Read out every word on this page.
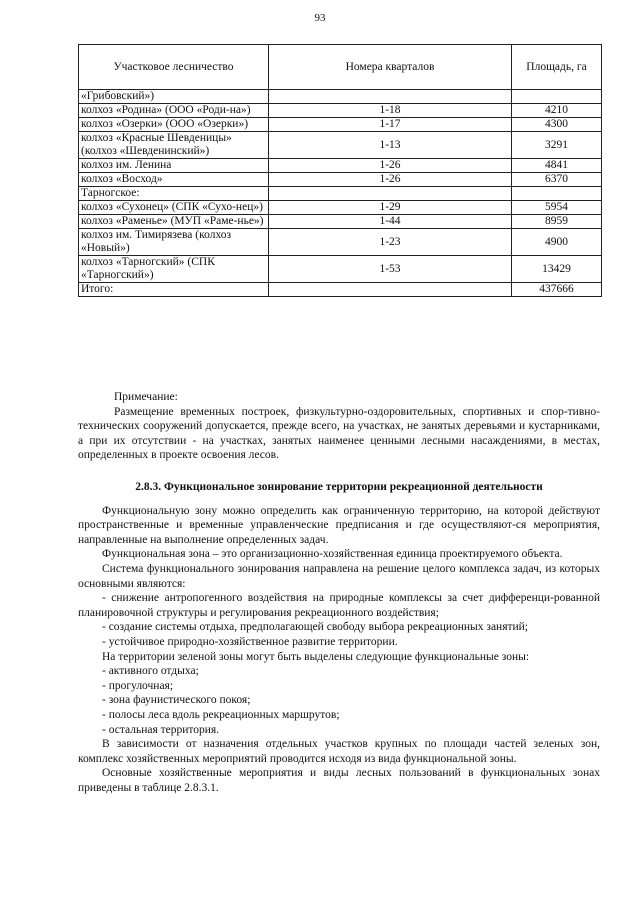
93
Участковое лесничество	Номера кварталов	Площадь, га
«Грибовский»)		
колхоз «Родина» (ООО «Роди-на»)	1-18	4210
колхоз «Озерки» (ООО «Озерки»)	1-17	4300
колхоз «Красные Шевденицы» (колхоз «Шевденинский»)	1-13	3291
колхоз им. Ленина	1-26	4841
колхоз «Восход»	1-26	6370
Тарногское:		
колхоз «Сухонец» (СПК «Сухо-нец»)	1-29	5954
колхоз «Раменье» (МУП «Раме-нье»)	1-44	8959
колхоз им. Тимирязева (колхоз «Новый»)	1-23	4900
колхоз «Тарногский» (СПК «Тарногский»)	1-53	13429
Итого:		437666

Примечание:

Размещение временных построек, физкультурно-оздоровительных, спортивных и спор-тивно-технических сооружений допускается, прежде всего, на участках, не занятых деревьями и кустарниками, а при их отсутствии - на участках, занятых наименее ценными лесными насаждениями, в местах, определенных в проекте освоения лесов.

2.8.3. Функциональное зонирование территории рекреационной деятельности

Функциональную зону можно определить как ограниченную территорию, на которой действуют пространственные и временные управленческие предписания и где осуществляют-ся мероприятия, направленные на выполнение определенных задач.

Функциональная зона – это организационно-хозяйственная единица проектируемого объекта.

Система функционального зонирования направлена на решение целого комплекса задач, из которых основными являются:

- снижение антропогенного воздействия на природные комплексы за счет дифференци-рованной планировочной структуры и регулирования рекреационного воздействия;

- создание системы отдыха, предполагающей свободу выбора рекреационных занятий;

- устойчивое природно-хозяйственное развитие территории.

На территории зеленой зоны могут быть выделены следующие функциональные зоны:

- активного отдыха;

- прогулочная;

- зона фаунистического покоя;

- полосы леса вдоль рекреационных маршрутов;

- остальная территория.

В зависимости от назначения отдельных участков крупных по площади частей зеленых зон, комплекс хозяйственных мероприятий проводится исходя из вида функциональной зоны.

Основные хозяйственные мероприятия и виды лесных пользований в функциональных зонах приведены в таблице 2.8.3.1.
